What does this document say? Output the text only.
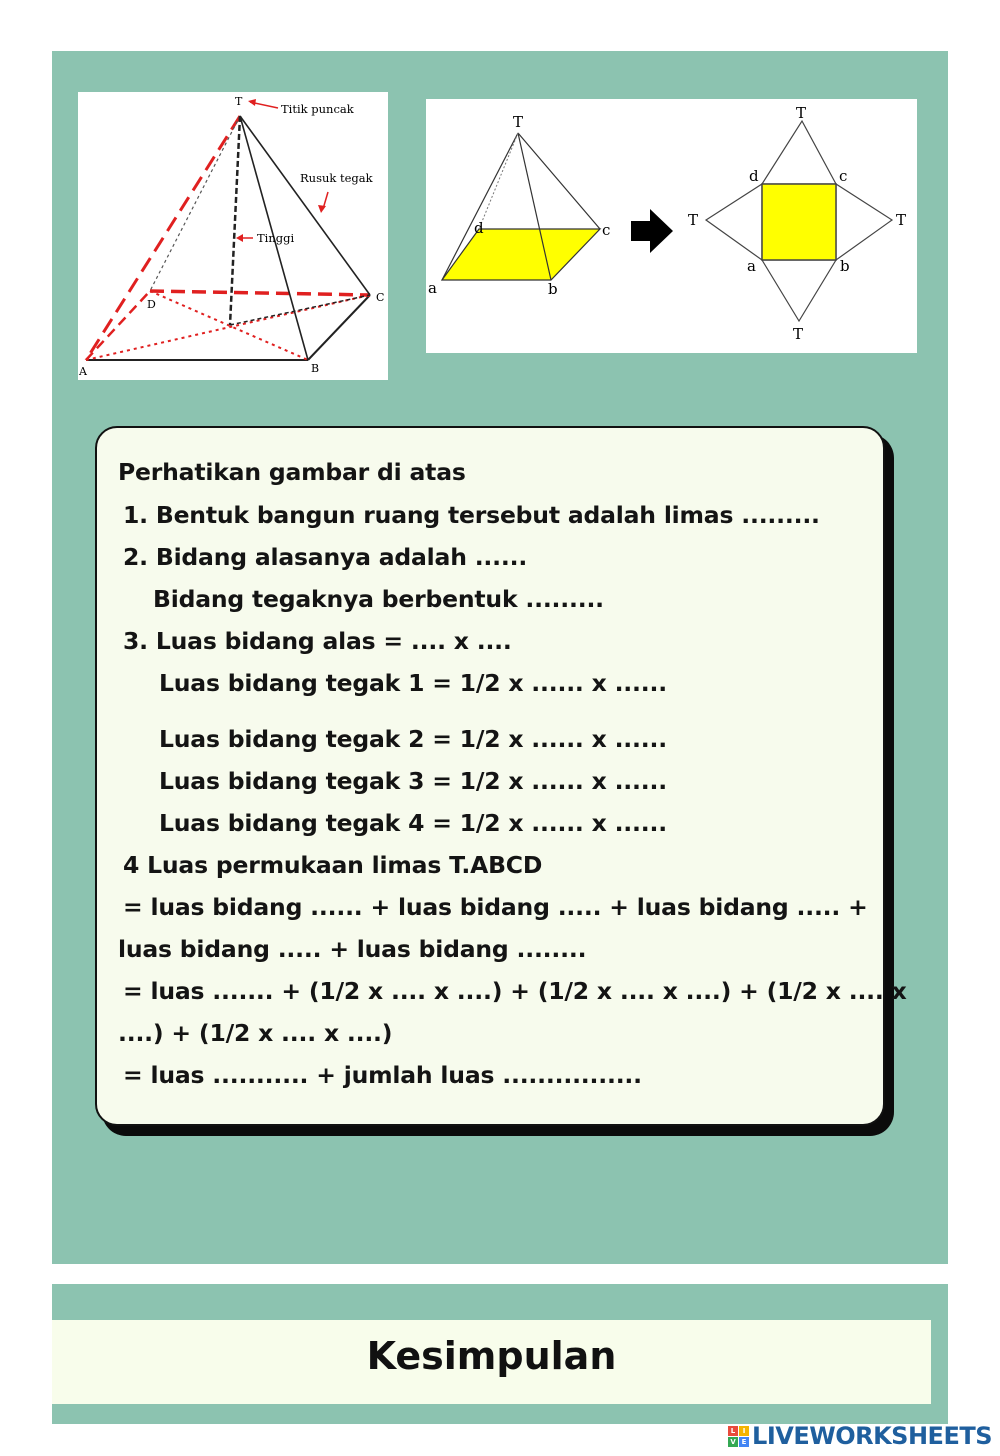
T
A	B
C
D
Titik puncak
Rusuk tegak
Tinggi
T
a	b
c
d
T
T	T
T
a	b
c
d
Perhatikan gambar di atas
1. Bentuk bangun ruang tersebut adalah limas .........
2. Bidang alasanya adalah ......
Bidang tegaknya berbentuk .........
3. Luas bidang alas = .... x ....
Luas bidang tegak 1 = 1/2 x ...... x ......
Luas bidang tegak 2 = 1/2 x ...... x ......
Luas bidang tegak 3 = 1/2 x ...... x ......
Luas bidang tegak 4 = 1/2 x ...... x ......
4 Luas permukaan limas T.ABCD
= luas bidang ...... + luas bidang ..... + luas bidang ..... +
luas bidang ..... + luas bidang ........
= luas ....... + (1/2 x .... x ....) + (1/2 x .... x ....) + (1/2 x .... x
....) + (1/2 x .... x ....)
= luas ........... + jumlah luas ................
Kesimpulan
L	I
V E LIVEWORKSHEETS
